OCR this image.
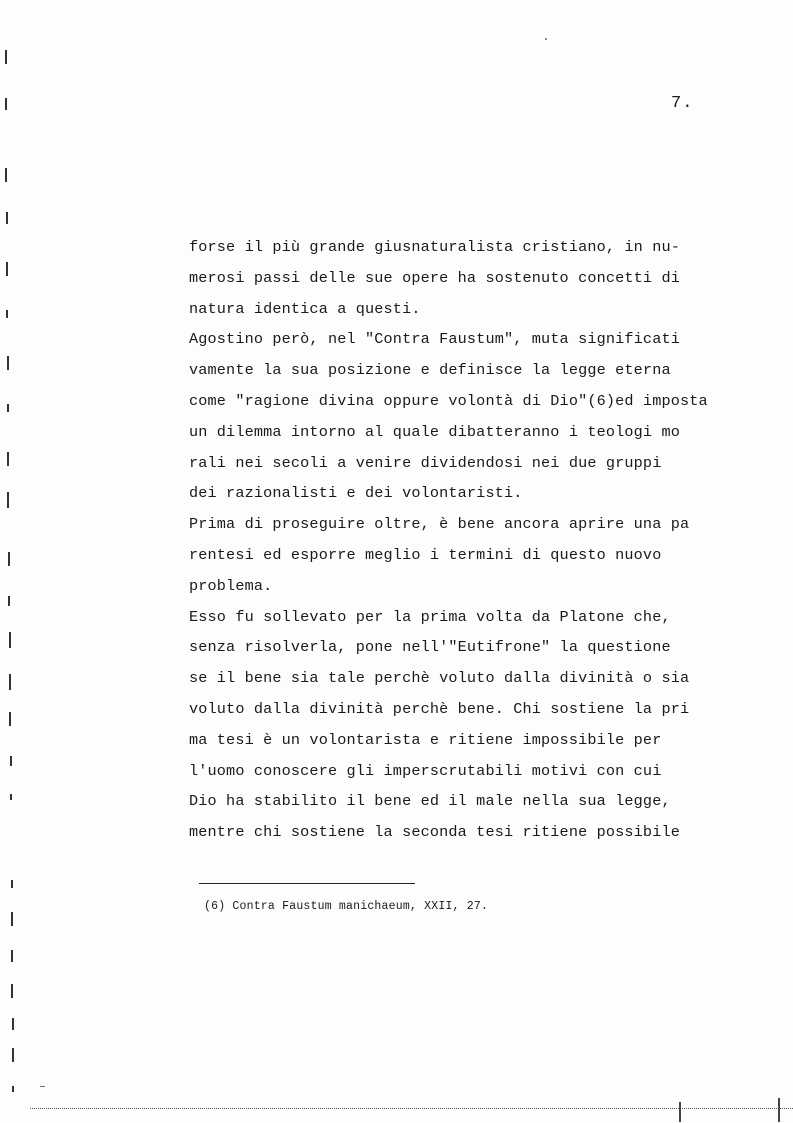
7.
forse il più grande giusnaturalista cristiano, in nu-
merosi passi delle sue opere ha sostenuto concetti di
natura identica a questi.
Agostino però, nel "Contra Faustum", muta significati
vamente la sua posizione e definisce la legge eterna
come "ragione divina oppure volontà di Dio"(6)ed imposta
un dilemma intorno al quale dibatteranno i teologi mo
rali nei secoli a venire dividendosi nei due gruppi
dei razionalisti e dei volontaristi.
Prima di proseguire oltre, è bene ancora aprire una pa
rentesi ed esporre meglio i termini di questo nuovo
problema.
Esso fu sollevato per la prima volta da Platone che,
senza risolverla, pone nell'"Eutifrone" la questione
se il bene sia tale perchè voluto dalla divinità o sia
voluto dalla divinità perchè bene. Chi sostiene la pri
ma tesi è un volontarista e ritiene impossibile per
l'uomo conoscere gli imperscrutabili motivi con cui
Dio ha stabilito il bene ed il male nella sua legge,
mentre chi sostiene la seconda tesi ritiene possibile
(6) Contra Faustum manichaeum, XXII, 27.
